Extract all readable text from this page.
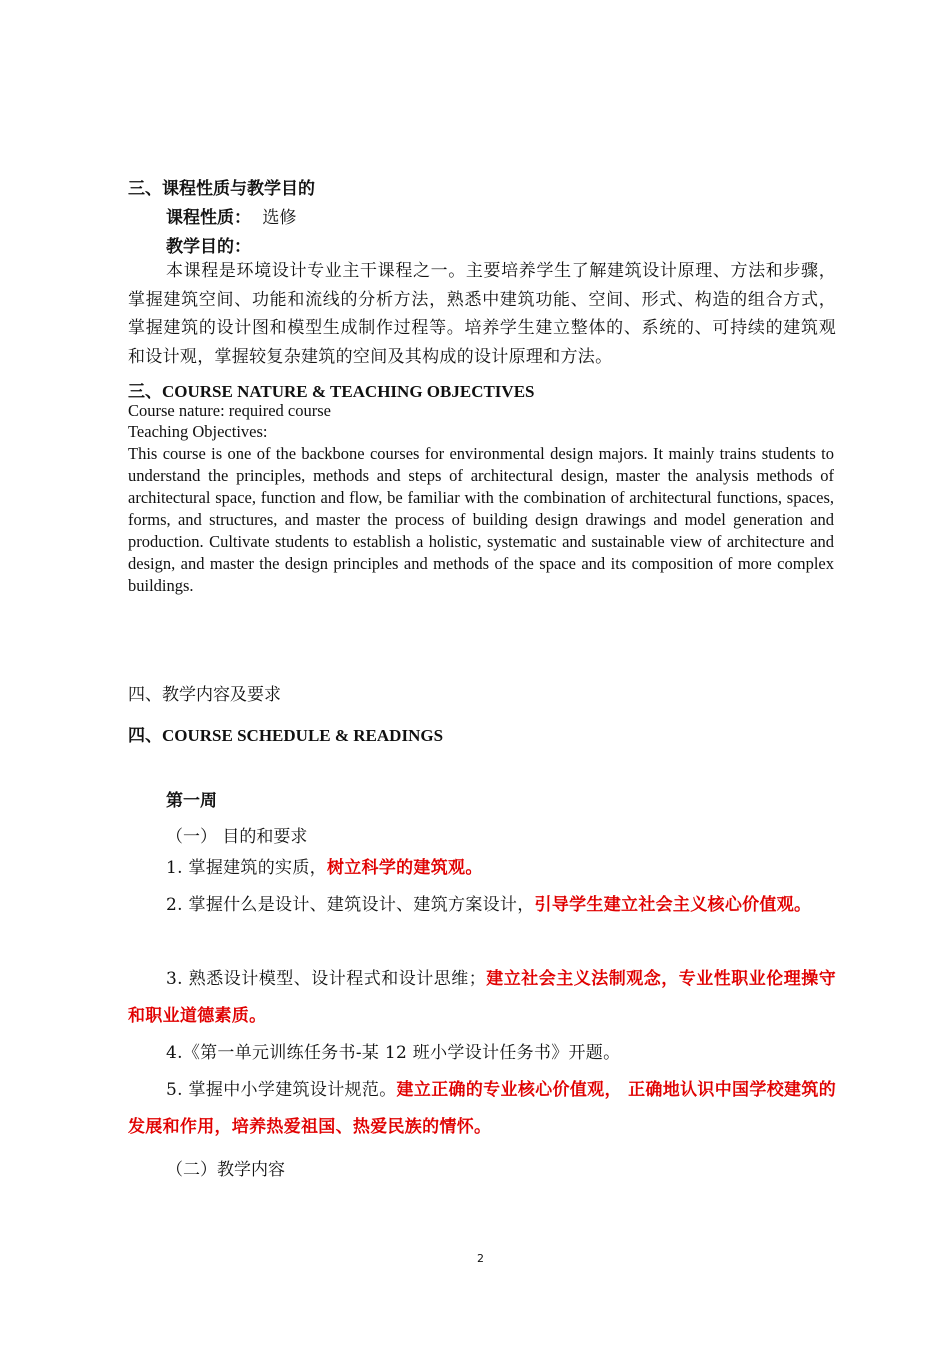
三、课程性质与教学目的
课程性质： 选修
教学目的：
本课程是环境设计专业主干课程之一。主要培养学生了解建筑设计原理、方法和步骤，掌握建筑空间、功能和流线的分析方法，熟悉中建筑功能、空间、形式、构造的组合方式，掌握建筑的设计图和模型生成制作过程等。培养学生建立整体的、系统的、可持续的建筑观和设计观，掌握较复杂建筑的空间及其构成的设计原理和方法。
三、COURSE NATURE & TEACHING OBJECTIVES
Course nature: required course
Teaching Objectives:
This course is one of the backbone courses for environmental design majors. It mainly trains students to understand the principles, methods and steps of architectural design, master the analysis methods of architectural space, function and flow, be familiar with the combination of architectural functions, spaces, forms, and structures, and master the process of building design drawings and model generation and production. Cultivate students to establish a holistic, systematic and sustainable view of architecture and design, and master the design principles and methods of the space and its composition of more complex buildings.
四、教学内容及要求
四、COURSE SCHEDULE & READINGS
第一周
（一） 目的和要求
1. 掌握建筑的实质，树立科学的建筑观。
2. 掌握什么是设计、建筑设计、建筑方案设计，引导学生建立社会主义核心价值观。
3. 熟悉设计模型、设计程式和设计思维；建立社会主义法制观念，专业性职业伦理操守和职业道德素质。
4.《第一单元训练任务书-某 12 班小学设计任务书》开题。
5. 掌握中小学建筑设计规范。建立正确的专业核心价值观， 正确地认识中国学校建筑的发展和作用，培养热爱祖国、热爱民族的情怀。
（二）教学内容
2
